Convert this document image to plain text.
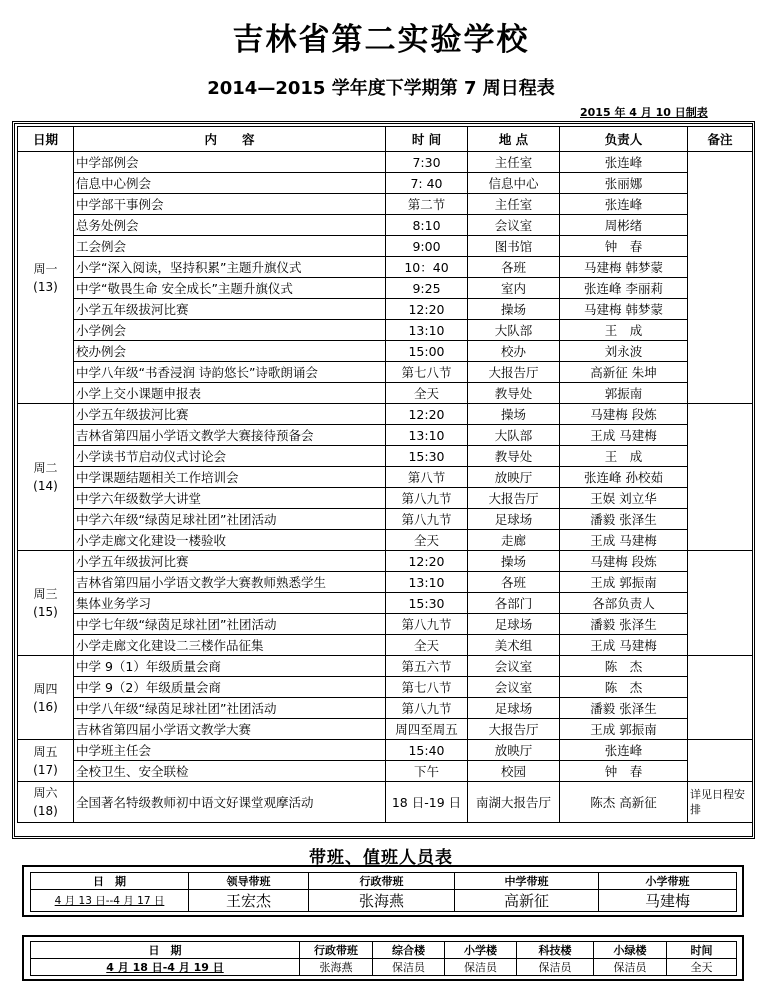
吉林省第二实验学校
2014—2015 学年度下学期第 7 周日程表
2015 年 4 月 10 日制表
日期	内　　容	时 间	地 点	负责人	备注

周一
(13)	中学部例会	7:30	主任室	张连峰	
	信息中心例会	7: 40	信息中心	张丽娜	
	中学部干事例会	第二节	主任室	张连峰	
	总务处例会	8:10	会议室	周彬绪	
	工会例会	9:00	图书馆	钟　春	
	小学“深入阅读，坚持积累”主题升旗仪式	10：40	各班	马建梅 韩梦蒙	
	中学“敬畏生命 安全成长”主题升旗仪式	9:25	室内	张连峰 李丽莉	
	小学五年级拔河比赛	12:20	操场	马建梅 韩梦蒙	
	小学例会	13:10	大队部	王　成	
	校办例会	15:00	校办	刘永波	
	中学八年级“书香浸润 诗韵悠长”诗歌朗诵会	第七八节	大报告厅	高新征 朱坤	
	小学上交小课题申报表	全天	教导处	郭振南	

周二
(14)	小学五年级拔河比赛	12:20	操场	马建梅 段炼	
	吉林省第四届小学语文教学大赛接待预备会	13:10	大队部	王成 马建梅	
	小学读书节启动仪式讨论会	15:30	教导处	王　成	
	中学课题结题相关工作培训会	第八节	放映厅	张连峰 孙校茹	
	中学六年级数学大讲堂	第八九节	大报告厅	王娱 刘立华	
	中学六年级“绿茵足球社团”社团活动	第八九节	足球场	潘毅 张泽生	
	小学走廊文化建设一楼验收	全天	走廊	王成 马建梅	

周三
(15)	小学五年级拔河比赛	12:20	操场	马建梅 段炼	
	吉林省第四届小学语文教学大赛教师熟悉学生	13:10	各班	王成 郭振南	
	集体业务学习	15:30	各部门	各部负责人	
	中学七年级“绿茵足球社团”社团活动	第八九节	足球场	潘毅 张泽生	
	小学走廊文化建设二三楼作品征集	全天	美术组	王成 马建梅	

周四
(16)	中学 9（1）年级质量会商	第五六节	会议室	陈　杰	
	中学 9（2）年级质量会商	第七八节	会议室	陈　杰	
	中学八年级“绿茵足球社团”社团活动	第八九节	足球场	潘毅 张泽生	
	吉林省第四届小学语文教学大赛	周四至周五	大报告厅	王成 郭振南	

周五
(17)	中学班主任会	15:40	放映厅	张连峰	
	全校卫生、安全联检	下午	校园	钟　春	

周六
(18)	全国著名特级教师初中语文好课堂观摩活动	18 日-19 日	南湖大报告厅	陈杰 高新征	详见日程安排
带班、值班人员表
日　期	领导带班	行政带班	中学带班	小学带班
4 月 13 日--4 月 17 日	王宏杰	张海燕	高新征	马建梅
日　期	行政带班	综合楼	小学楼	科技楼	小绿楼	时间
4 月 18 日-4 月 19 日	张海燕	保洁员	保洁员	保洁员	保洁员	全天
